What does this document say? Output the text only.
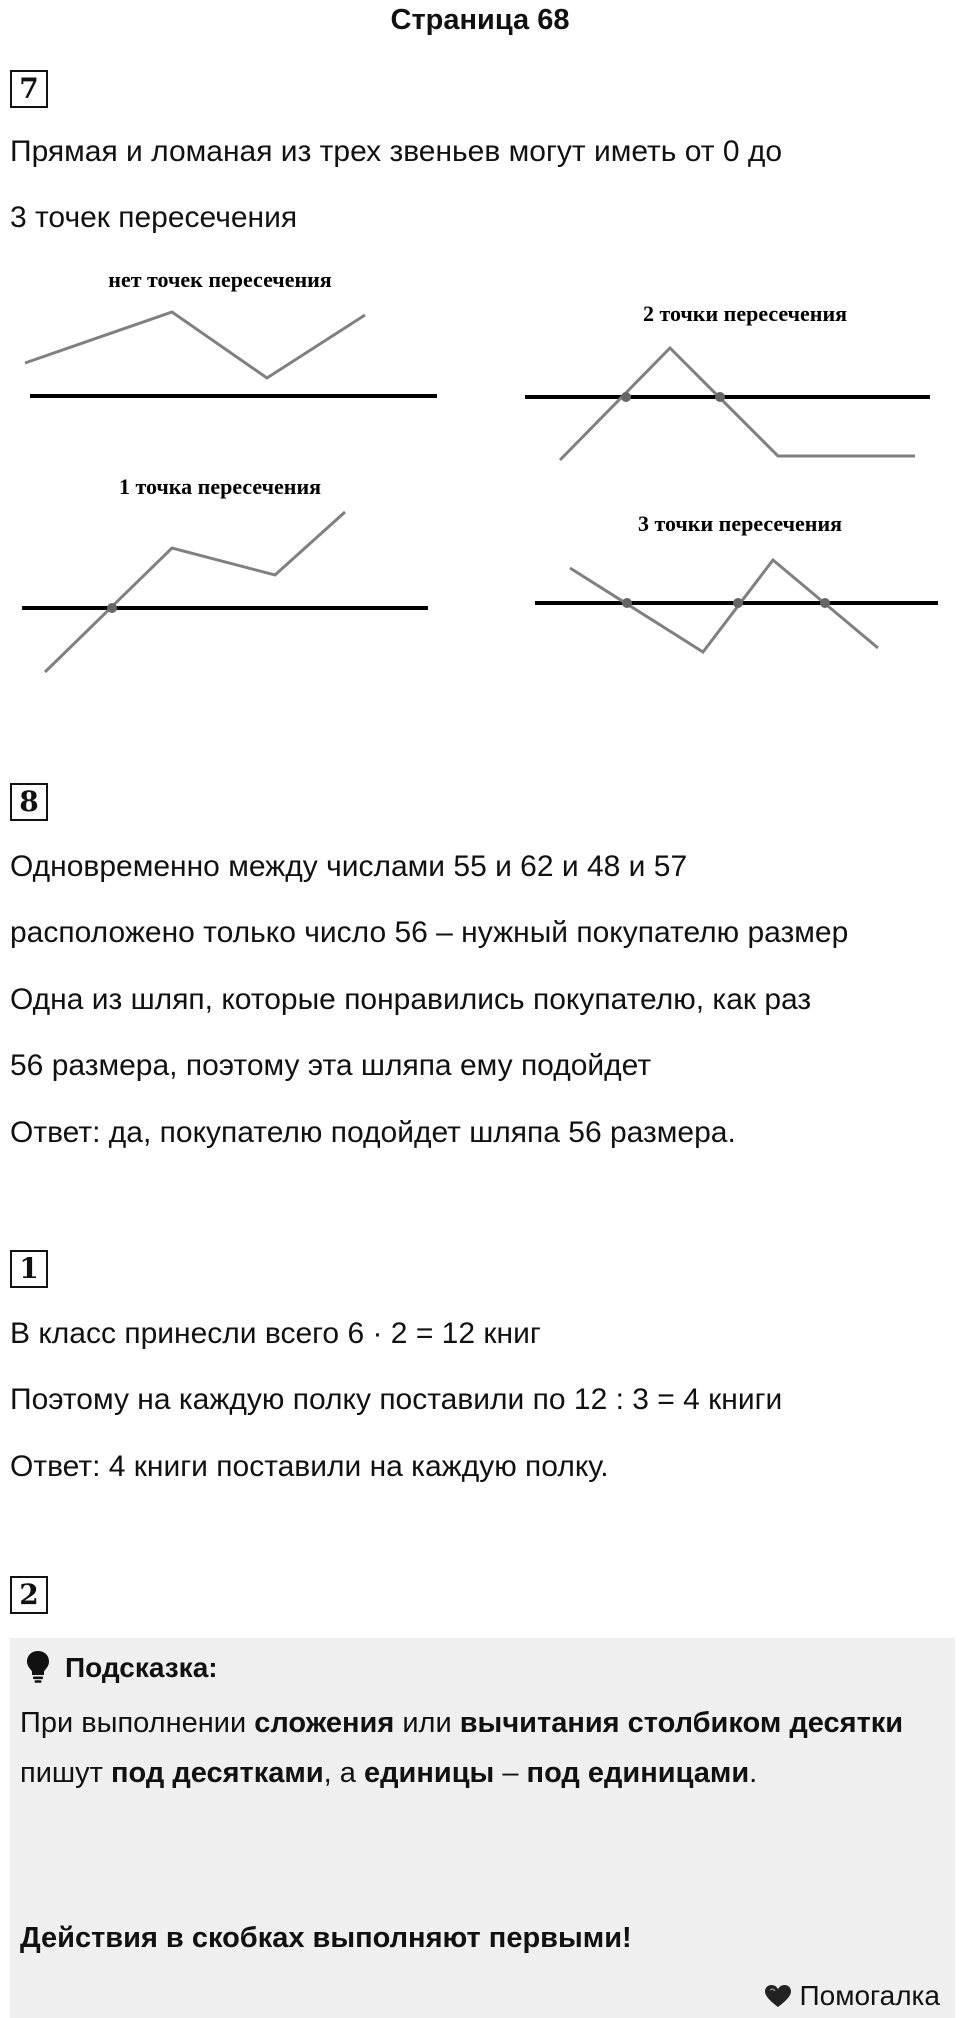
Страница 68
7
Прямая и ломаная из трех звеньев могут иметь от 0 до
3 точек пересечения
нет точек пересечения
2 точки пересечения
1 точка пересечения
3 точки пересечения
8
Одновременно между числами 55 и 62 и 48 и 57
расположено только число 56 – нужный покупателю размер
Одна из шляп, которые понравились покупателю, как раз
56 размера, поэтому эта шляпа ему подойдет
Ответ: да, покупателю подойдет шляпа 56 размера.
1
В класс принесли всего 6 · 2 = 12 книг
Поэтому на каждую полку поставили по 12 : 3 = 4 книги
Ответ: 4 книги поставили на каждую полку.
2
Подсказка:
При выполнении сложения или вычитания столбиком десятки пишут под десятками, а единицы – под единицами.
Действия в скобках выполняют первыми!
Помогалка
